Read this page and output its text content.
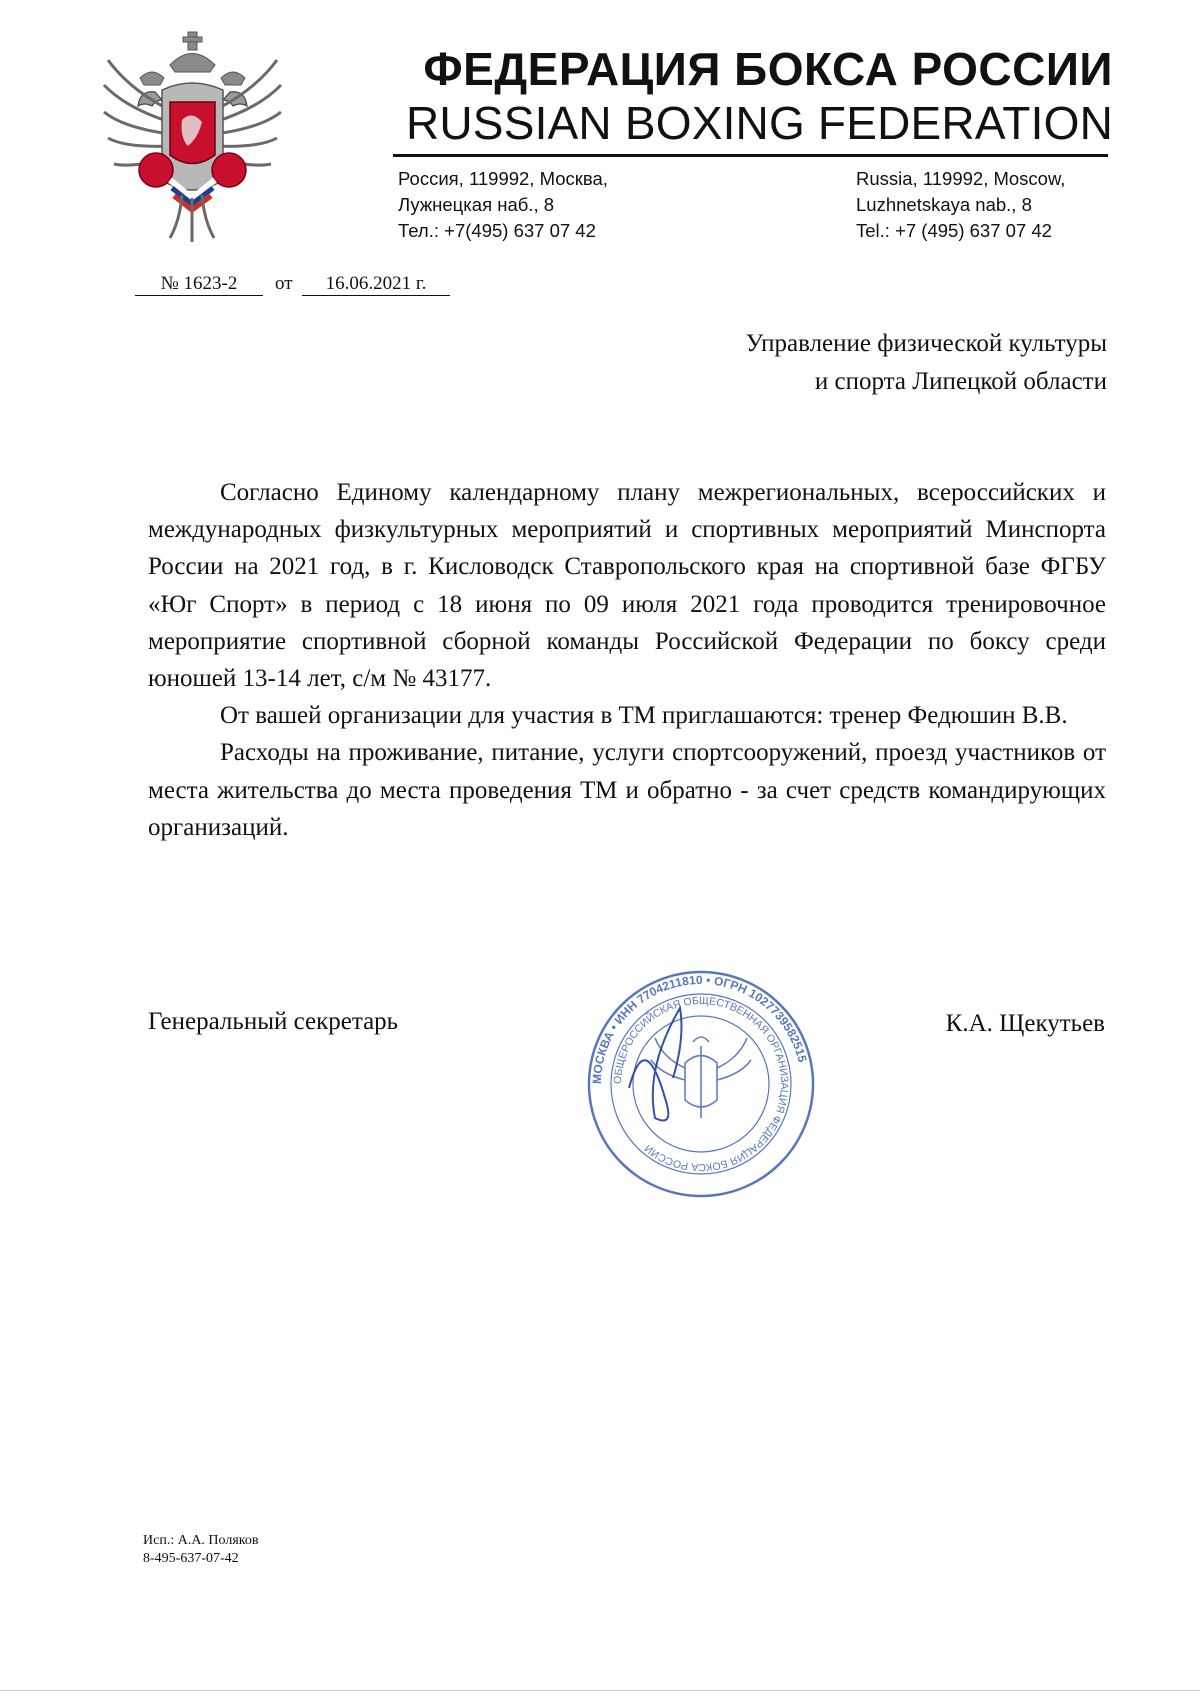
ФЕДЕРАЦИЯ БОКСА РОССИИ
RUSSIAN BOXING FEDERATION
Россия, 119992, Москва,
Лужнецкая наб., 8
Тел.: +7(495) 637 07 42
Russia, 119992, Moscow,
Luzhnetskaya nab., 8
Tel.: +7 (495) 637 07 42
№ 1623-2	от	16.06.2021 г.
Управление физической культуры
и спорта Липецкой области

Согласно Единому календарному плану межрегиональных, всероссийских и международных физкультурных мероприятий и спортивных мероприятий Минспорта России на 2021 год, в г. Кисловодск Ставропольского края на спортивной базе ФГБУ «Юг Спорт» в период с 18 июня по 09 июля 2021 года проводится тренировочное мероприятие спортивной сборной команды Российской Федерации по боксу среди юношей 13-14 лет, с/м № 43177.

От вашей организации для участия в ТМ приглашаются: тренер Федюшин В.В.

Расходы на проживание, питание, услуги спортсооружений, проезд участников от места жительства до места проведения ТМ и обратно - за счет средств командирующих организаций.

Генеральный секретарь	К.А. Щекутьев
МОСКВА • ИНН 7704211810 • ОГРН 1027739582515
ОБЩЕРОССИЙСКАЯ ОБЩЕСТВЕННАЯ ОРГАНИЗАЦИЯ ФЕДЕРАЦИЯ БОКСА РОССИИ
Исп.: А.А. Поляков
8-495-637-07-42
